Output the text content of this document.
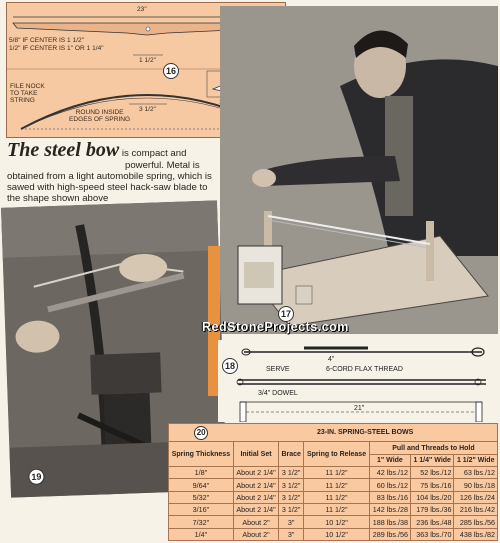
23"
5/8" IF CENTER IS 1 1/2"
1/2" IF CENTER IS 1" OR 1 1/4"
1 1/2"
FILE NOCK
TO TAKE
STRING
ROUND INSIDE
EDGES OF SPRING
3 1/2"
16
The steel bow is compact and
powerful. Metal is
obtained from a light automobile spring, which is sawed with high-speed steel hack-saw blade to the shape shown above
17
19
RedStoneProjects.com
SERVE
4"
6-CORD FLAX THREAD
3/4" DOWEL
21"
18
20	23-IN. SPRING-STEEL BOWS					
Spring Thickness	Initial Set	Brace	Spring to Release	Pull and Threads to Hold		
				1" Wide	1 1/4" Wide	1 1/2" Wide
1/8"	About 2 1/4"	3 1/2"	11 1/2"	42 lbs./12	52 lbs./12	63 lbs./12
9/64"	About 2 1/4"	3 1/2"	11 1/2"	60 lbs./12	75 lbs./16	90 lbs./18
5/32"	About 2 1/4"	3 1/2"	11 1/2"	83 lbs./16	104 lbs./20	126 lbs./24
3/16"	About 2 1/4"	3 1/2"	11 1/2"	142 lbs./28	179 lbs./36	216 lbs./42
7/32"	About 2"	3"	10 1/2"	188 lbs./38	236 lbs./48	285 lbs./56
1/4"	About 2"	3"	10 1/2"	289 lbs./56	363 lbs./70	438 lbs./82
